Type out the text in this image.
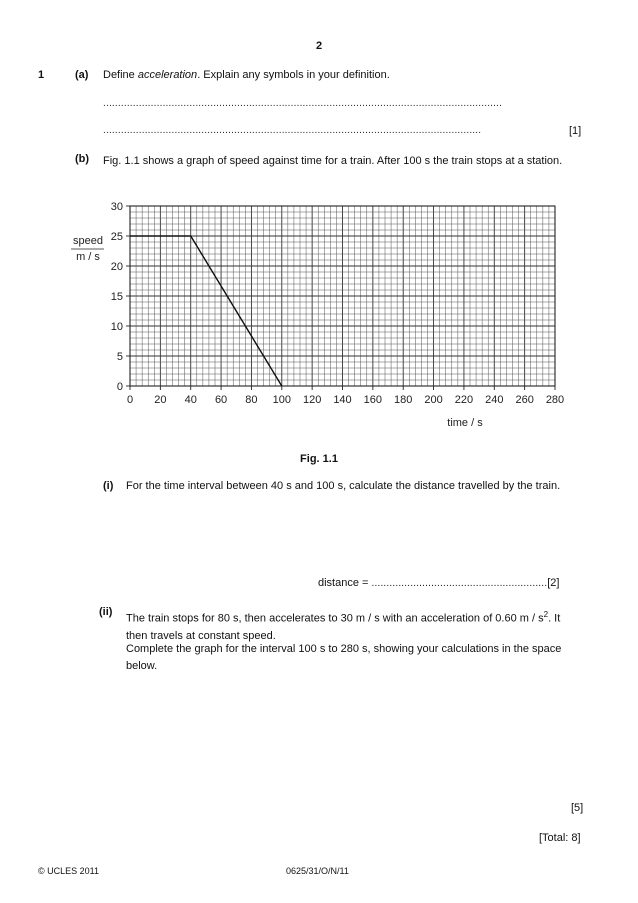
2
1	(a) Define acceleration. Explain any symbols in your definition.
......................................................................................................................................
...............................................................................................................................	[1]
(b) Fig. 1.1 shows a graph of speed against time for a train. After 100 s the train stops at a station.
0 20 40 60 80 100 120 140 160 180 200 220 240 260 280
0
5
10
15
20
25
30
speed
m / s
time / s
Fig. 1.1
(i) For the time interval between 40 s and 100 s, calculate the distance travelled by the train.
distance = ...........................................................[2]
(ii)
The train stops for 80 s, then accelerates to 30 m / s with an acceleration of 0.60 m / $s^2$. It
then travels at constant speed.
Complete the graph for the interval 100 s to 280 s, showing your calculations in the space below.
[5]
[Total: 8]
© UCLES 2011	0625/31/O/N/11
